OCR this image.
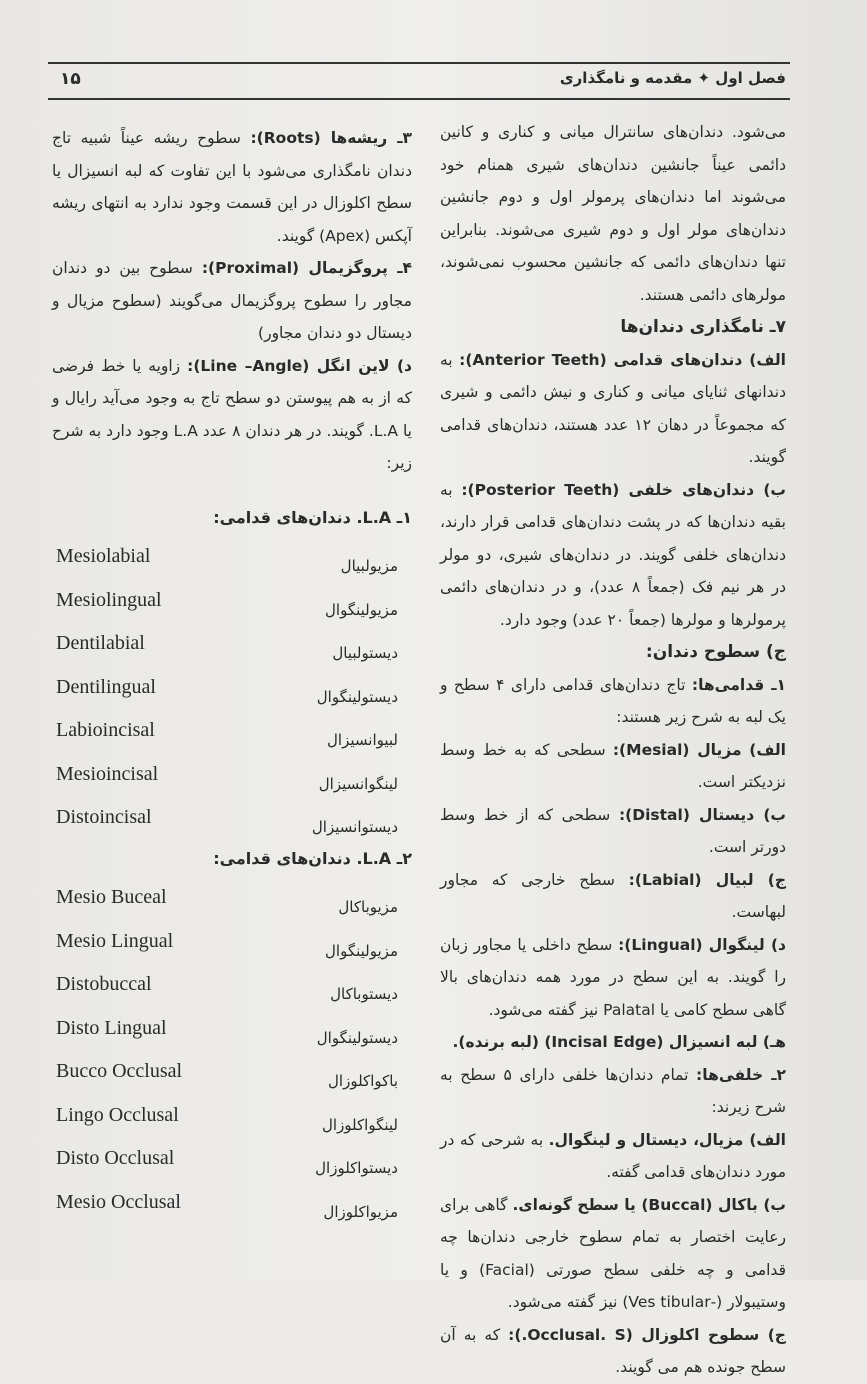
فصل اول ✦ مقدمه و نامگذاری
۱۵

می‌شود. دندان‌های سانترال میانی و کناری و کانین دائمی عیناً جانشین دندان‌های شیری همنام خود می‌شوند اما دندان‌های پرمولر اول و دوم جانشین دندان‌های مولر اول و دوم شیری می‌شوند. بنابراین تنها دندان‌های دائمی که جانشین محسوب نمی‌شوند، مولرهای دائمی هستند.

۷ـ نامگذاری دندان‌ها

الف) دندان‌های قدامی (Anterior Teeth): به دندانهای ثنایای میانی و کناری و نیش دائمی و شیری که مجموعاً در دهان ۱۲ عدد هستند، دندان‌های قدامی گویند.

ب) دندان‌های خلفی (Posterior Teeth): به بقیه دندان‌ها که در پشت دندان‌های قدامی قرار دارند، دندان‌های خلفی گویند. در دندان‌های شیری، دو مولر در هر نیم فک (جمعاً ۸ عدد)، و در دندان‌های دائمی پرمولرها و مولرها (جمعاً ۲۰ عدد) وجود دارد.

ج) سطوح دندان:

۱ـ قدامی‌ها: تاج دندان‌های قدامی دارای ۴ سطح و یک لبه به شرح زیر هستند:

الف) مزیال (Mesial): سطحی که به خط وسط نزدیکتر است.

ب) دیستال (Distal): سطحی که از خط وسط دورتر است.

ج) لبیال (Labial): سطح خارجی که مجاور لبهاست.

د) لینگوال (Lingual): سطح داخلی یا مجاور زبان را گویند. به این سطح در مورد همه دندان‌های بالا گاهی سطح کامی یا Palatal نیز گفته می‌شود.

هـ) لبه انسیزال (Incisal Edge) (لبه برنده).

۲ـ خلفی‌ها: تمام دندان‌ها خلفی دارای ۵ سطح به شرح زیرند:

الف) مزیال، دیستال و لینگوال. به شرحی که در مورد دندان‌های قدامی گفته.

ب) باکال (Buccal) یا سطح گونه‌ای. گاهی برای رعایت اختصار به تمام سطوح خارجی دندان‌ها چه قدامی و چه خلفی سطح صورتی (Facial) و یا وستیبولار (-Ves tibular) نیز گفته می‌شود.

ج) سطوح اکلوزال (Occlusal. S.): که به آن سطح جونده هم می گویند.

۳ـ ریشه‌ها (Roots): سطوح ریشه عیناً شبیه تاج دندان نامگذاری می‌شود با این تفاوت که لبه انسیزال یا سطح اکلوزال در این قسمت وجود ندارد به انتهای ریشه آپکس (Apex) گویند.

۴ـ پروگزیمال (Proximal): سطوح بین دو دندان مجاور را سطوح پروگزیمال می‌گویند (سطوح مزیال و دیستال دو دندان مجاور)

د) لاین انگل (Line –Angle): زاویه یا خط فرضی که از به هم پیوستن دو سطح تاج به وجود می‌آید رایال و یا L.A. گویند. در هر دندان ۸ عدد L.A وجود دارد به شرح زیر:

۱ـ L.A. دندان‌های قدامی:

مزیولبیال
Mesiolabial
مزیولینگوال
Mesiolingual
دیستولبیال
Dentilabial
دیستولینگوال
Dentilingual
لبیوانسیزال
Labioincisal
لینگوانسیزال
Mesioincisal
دیستوانسیزال
Distoincisal

۲ـ L.A. دندان‌های قدامی:

مزیوباکال
Mesio Buceal
مزیولینگوال
Mesio Lingual
دیستوباکال
Distobuccal
دیستولینگوال
Disto Lingual
باکواکلوزال
Bucco Occlusal
لینگواکلوزال
Lingo Occlusal
دیستواکلوزال
Disto Occlusal
مزیواکلوزال
Mesio Occlusal
